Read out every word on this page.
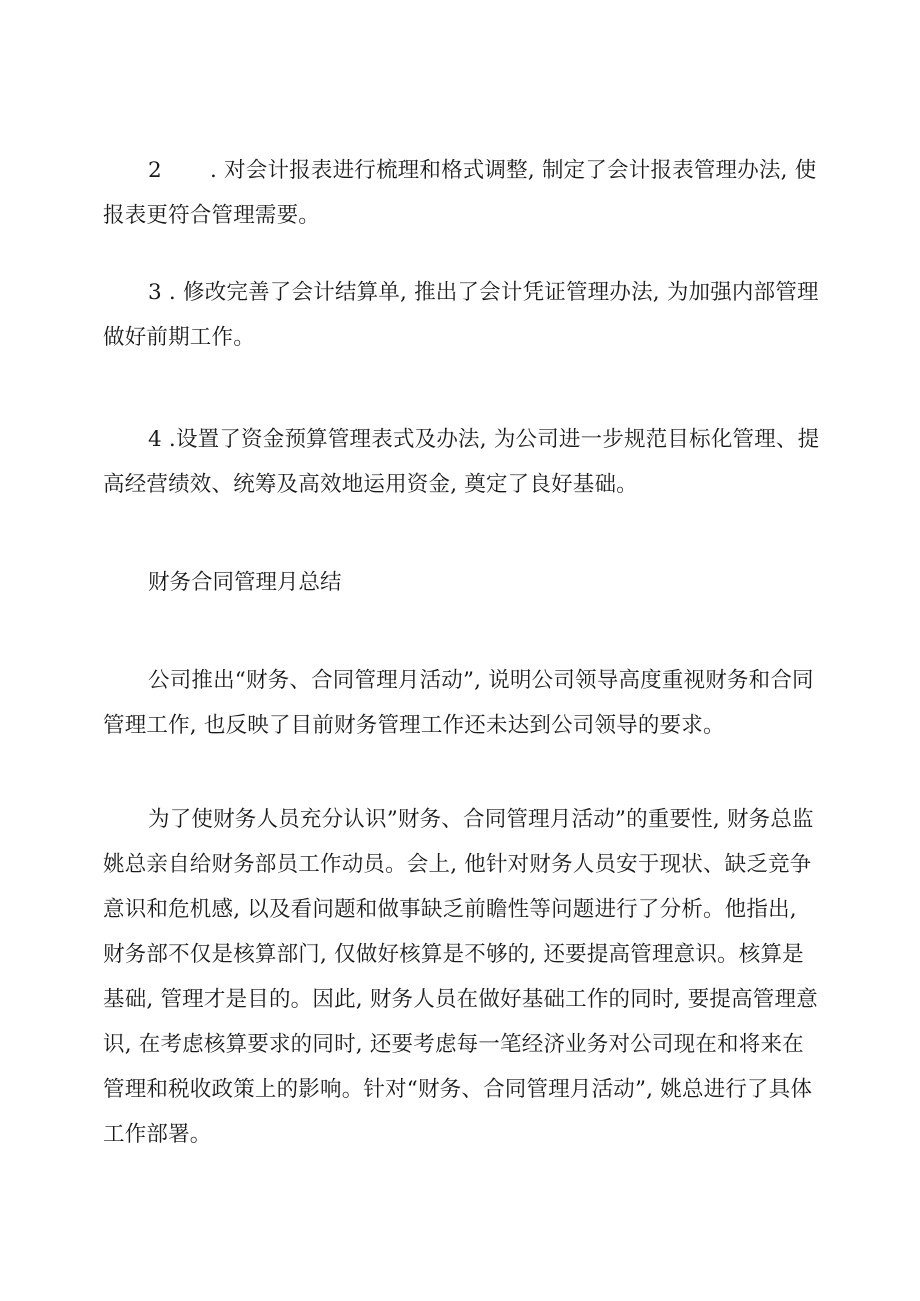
2 . 对会计报表进行梳理和格式调整, 制定了会计报表管理办法, 使报表更符合管理需要。

3 . 修改完善了会计结算单, 推出了会计凭证管理办法, 为加强内部管理做好前期工作。

4 .设置了资金预算管理表式及办法, 为公司进一步规范目标化管理、提高经营绩效、统筹及高效地运用资金, 奠定了良好基础。

财务合同管理月总结

公司推出“财务、合同管理月活动”, 说明公司领导高度重视财务和合同管理工作, 也反映了目前财务管理工作还未达到公司领导的要求。

为了使财务人员充分认识”财务、合同管理月活动”的重要性, 财务总监姚总亲自给财务部员工作动员。会上, 他针对财务人员安于现状、缺乏竞争意识和危机感, 以及看问题和做事缺乏前瞻性等问题进行了分析。他指出, 财务部不仅是核算部门, 仅做好核算是不够的, 还要提高管理意识。核算是基础, 管理才是目的。因此, 财务人员在做好基础工作的同时, 要提高管理意识, 在考虑核算要求的同时, 还要考虑每一笔经济业务对公司现在和将来在管理和税收政策上的影响。针对“财务、合同管理月活动”, 姚总进行了具体工作部署。
